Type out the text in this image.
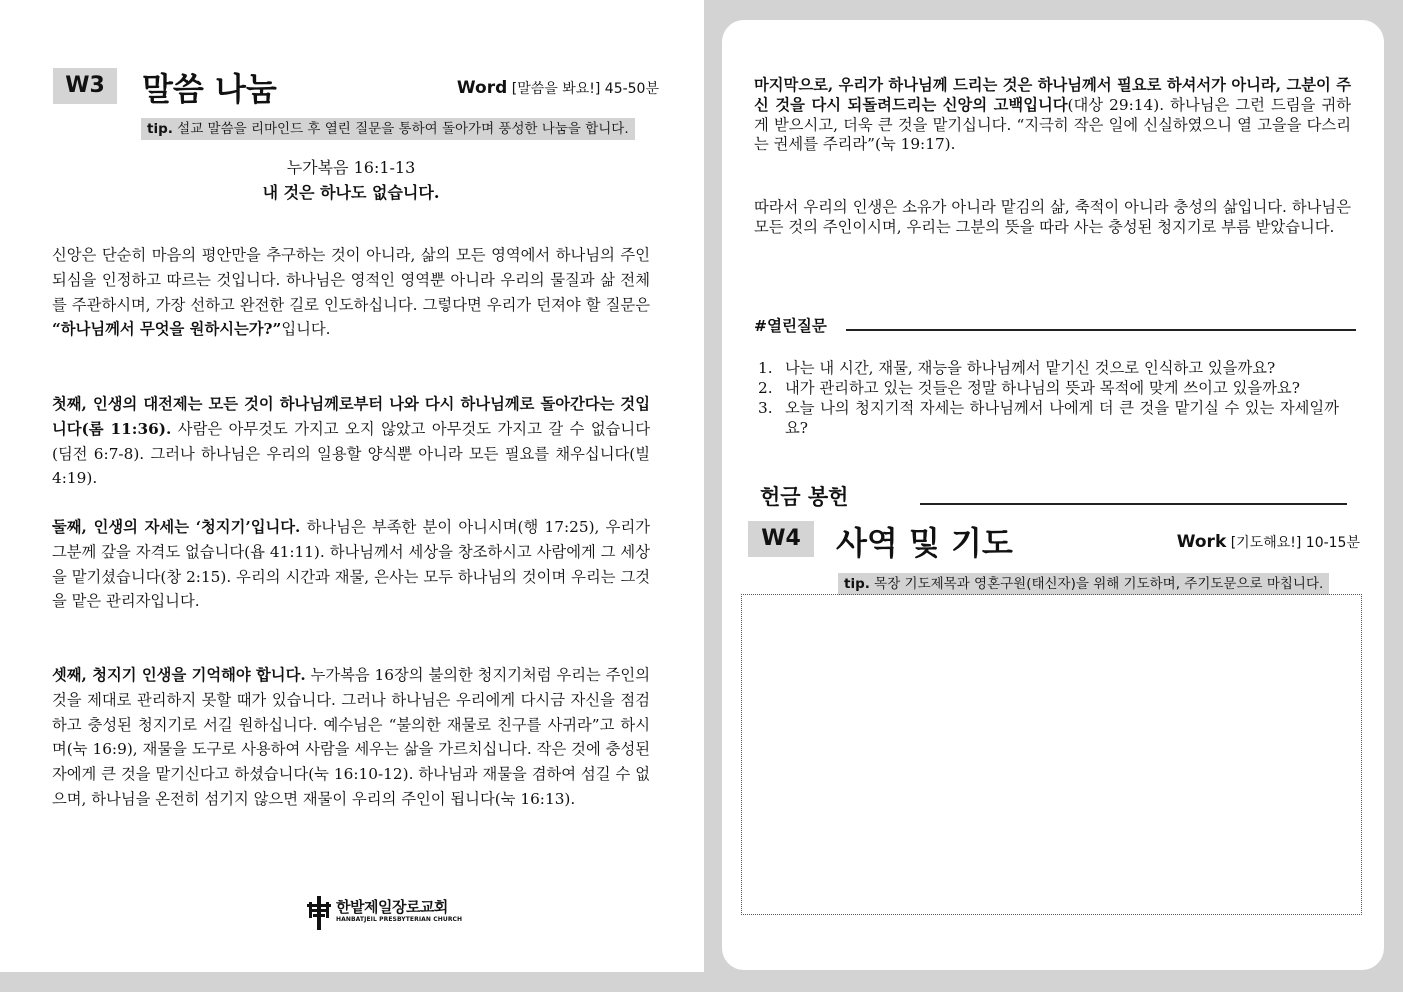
W3	말씀 나눔	Word [말씀을 봐요!] 45-50분
tip. 설교 말씀을 리마인드 후 열린 질문을 통하여 돌아가며 풍성한 나눔을 합니다.
누가복음 16:1-13
내 것은 하나도 없습니다.

신앙은 단순히 마음의 평안만을 추구하는 것이 아니라, 삶의 모든 영역에서 하나님의 주인되심을 인정하고 따르는 것입니다. 하나님은 영적인 영역뿐 아니라 우리의 물질과 삶 전체를 주관하시며, 가장 선하고 완전한 길로 인도하십니다. 그렇다면 우리가 던져야 할 질문은 “하나님께서 무엇을 원하시는가?”입니다.

첫째, 인생의 대전제는 모든 것이 하나님께로부터 나와 다시 하나님께로 돌아간다는 것입니다(롬 11:36). 사람은 아무것도 가지고 오지 않았고 아무것도 가지고 갈 수 없습니다(딤전 6:7-8). 그러나 하나님은 우리의 일용할 양식뿐 아니라 모든 필요를 채우십니다(빌 4:19).

둘째, 인생의 자세는 ‘청지기’입니다. 하나님은 부족한 분이 아니시며(행 17:25), 우리가 그분께 갚을 자격도 없습니다(욥 41:11). 하나님께서 세상을 창조하시고 사람에게 그 세상을 맡기셨습니다(창 2:15). 우리의 시간과 재물, 은사는 모두 하나님의 것이며 우리는 그것을 맡은 관리자입니다.

셋째, 청지기 인생을 기억해야 합니다. 누가복음 16장의 불의한 청지기처럼 우리는 주인의 것을 제대로 관리하지 못할 때가 있습니다. 그러나 하나님은 우리에게 다시금 자신을 점검하고 충성된 청지기로 서길 원하십니다. 예수님은 “불의한 재물로 친구를 사귀라”고 하시며(눅 16:9), 재물을 도구로 사용하여 사람을 세우는 삶을 가르치십니다. 작은 것에 충성된 자에게 큰 것을 맡기신다고 하셨습니다(눅 16:10-12). 하나님과 재물을 겸하여 섬길 수 없으며, 하나님을 온전히 섬기지 않으면 재물이 우리의 주인이 됩니다(눅 16:13).

한밭제일장로교회
HANBATJEIL PRESBYTERIAN CHURCH

마지막으로, 우리가 하나님께 드리는 것은 하나님께서 필요로 하셔서가 아니라, 그분이 주신 것을 다시 되돌려드리는 신앙의 고백입니다(대상 29:14). 하나님은 그런 드림을 귀하게 받으시고, 더욱 큰 것을 맡기십니다. “지극히 작은 일에 신실하였으니 열 고을을 다스리는 권세를 주리라”(눅 19:17).

따라서 우리의 인생은 소유가 아니라 맡김의 삶, 축적이 아니라 충성의 삶입니다. 하나님은 모든 것의 주인이시며, 우리는 그분의 뜻을 따라 사는 충성된 청지기로 부름 받았습니다.

#열린질문
1. 나는 내 시간, 재물, 재능을 하나님께서 맡기신 것으로 인식하고 있을까요?
2. 내가 관리하고 있는 것들은 정말 하나님의 뜻과 목적에 맞게 쓰이고 있을까요?
3. 오늘 나의 청지기적 자세는 하나님께서 나에게 더 큰 것을 맡기실 수 있는 자세일까요?
헌금 봉헌
W4	사역 및 기도	Work [기도해요!] 10-15분
tip. 목장 기도제목과 영혼구원(태신자)을 위해 기도하며, 주기도문으로 마칩니다.
